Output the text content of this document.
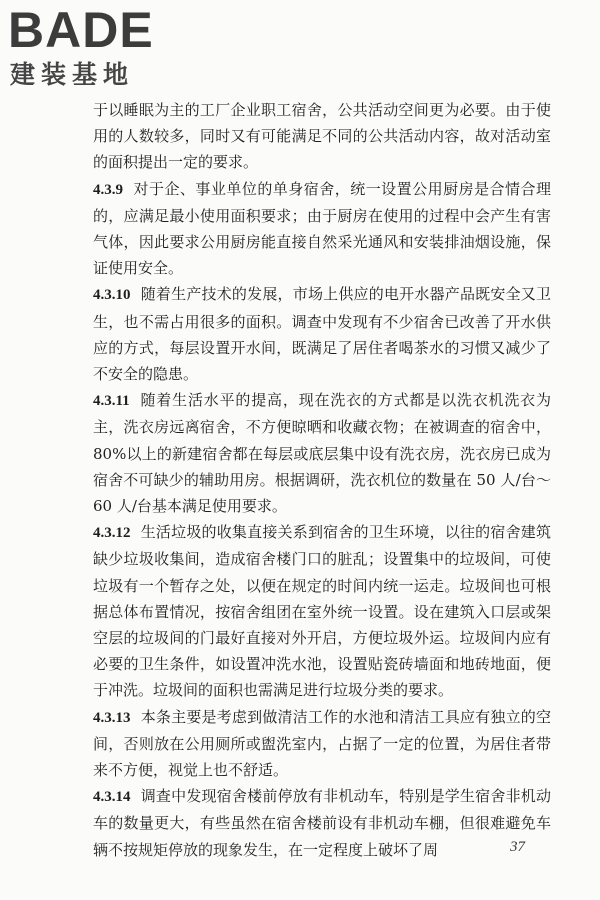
BADE
建装基地

于以睡眠为主的工厂企业职工宿舍，公共活动空间更为必要。由于使用的人数较多，同时又有可能满足不同的公共活动内容，故对活动室的面积提出一定的要求。

4.3.9 对于企、事业单位的单身宿舍，统一设置公用厨房是合情合理的，应满足最小使用面积要求；由于厨房在使用的过程中会产生有害气体，因此要求公用厨房能直接自然采光通风和安装排油烟设施，保证使用安全。

4.3.10 随着生产技术的发展，市场上供应的电开水器产品既安全又卫生，也不需占用很多的面积。调查中发现有不少宿舍已改善了开水供应的方式，每层设置开水间，既满足了居住者喝茶水的习惯又减少了不安全的隐患。

4.3.11 随着生活水平的提高，现在洗衣的方式都是以洗衣机洗衣为主，洗衣房远离宿舍，不方便晾晒和收藏衣物；在被调查的宿舍中，80%以上的新建宿舍都在每层或底层集中设有洗衣房，洗衣房已成为宿舍不可缺少的辅助用房。根据调研，洗衣机位的数量在 50 人/台～60 人/台基本满足使用要求。

4.3.12 生活垃圾的收集直接关系到宿舍的卫生环境，以往的宿舍建筑缺少垃圾收集间，造成宿舍楼门口的脏乱；设置集中的垃圾间，可使垃圾有一个暂存之处，以便在规定的时间内统一运走。垃圾间也可根据总体布置情况，按宿舍组团在室外统一设置。设在建筑入口层或架空层的垃圾间的门最好直接对外开启，方便垃圾外运。垃圾间内应有必要的卫生条件，如设置冲洗水池，设置贴瓷砖墙面和地砖地面，便于冲洗。垃圾间的面积也需满足进行垃圾分类的要求。

4.3.13 本条主要是考虑到做清洁工作的水池和清洁工具应有独立的空间，否则放在公用厕所或盥洗室内，占据了一定的位置，为居住者带来不方便，视觉上也不舒适。

4.3.14 调查中发现宿舍楼前停放有非机动车，特别是学生宿舍非机动车的数量更大，有些虽然在宿舍楼前设有非机动车棚，但很难避免车辆不按规矩停放的现象发生，在一定程度上破坏了周	37
